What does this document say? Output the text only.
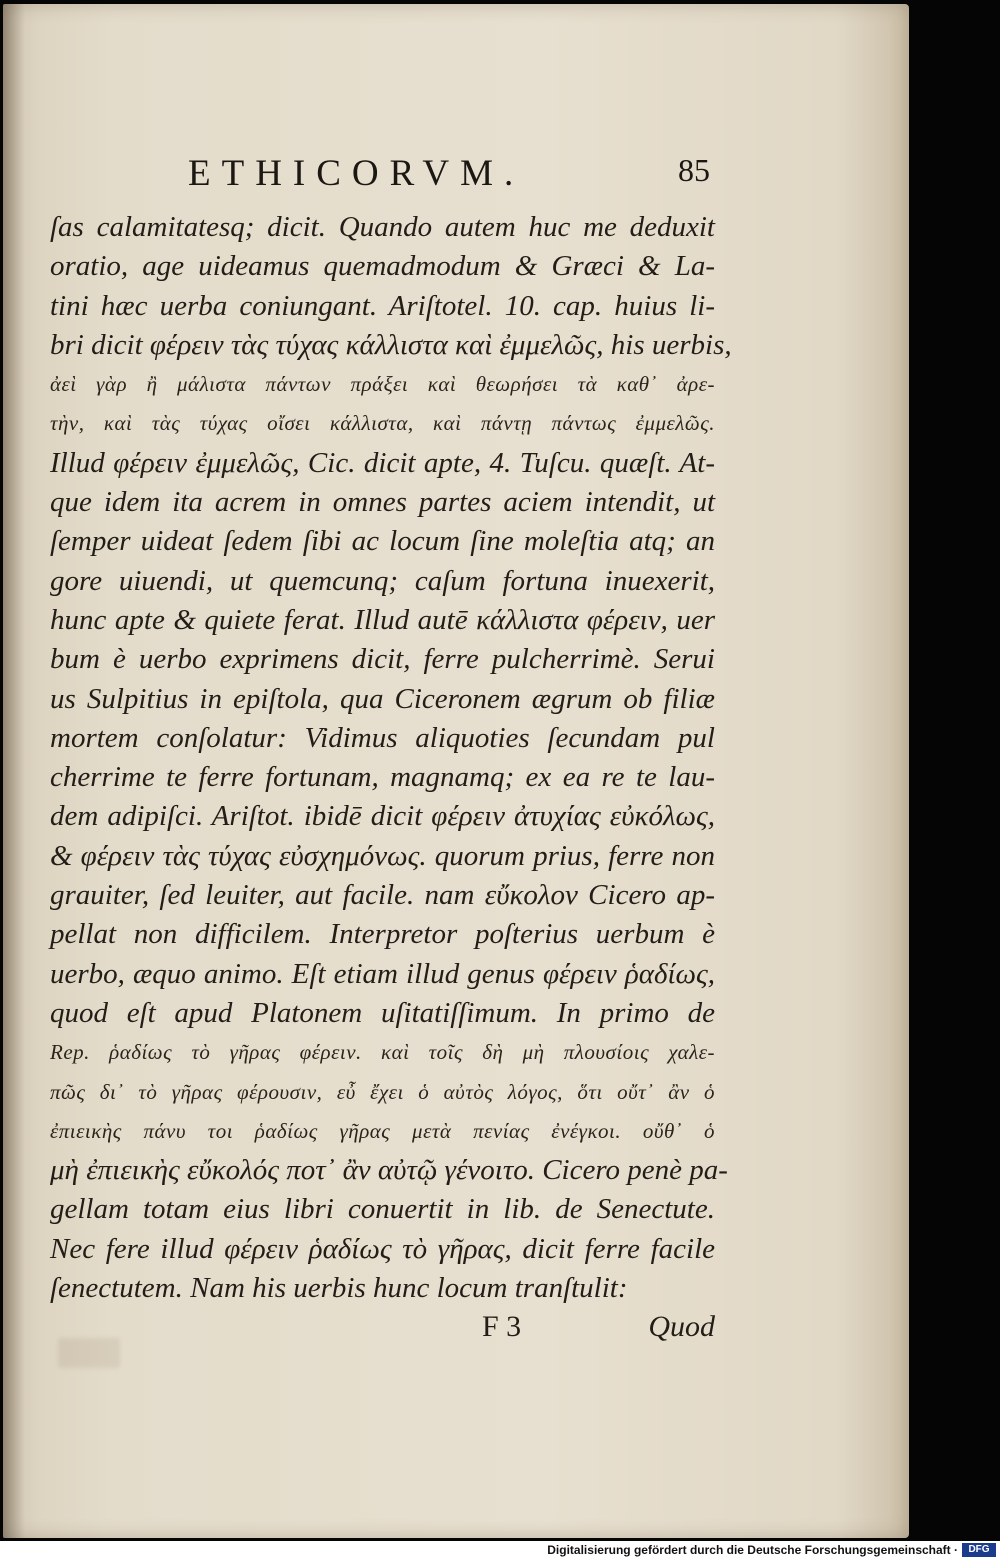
ETHICORVM.	85
ſas calamitatesq; dicit. Quando autem huc me deduxit
oratio, age uideamus quemadmodum & Græci & La-
tini hæc uerba coniungant. Ariſtotel. 10. cap. huius li-
bri dicit φέρειν τὰς τύχας κάλλιστα καὶ ἐμμελῶς, his uerbis,
ἀεὶ γὰρ ἢ μάλιστα πάντων πράξει καὶ θεωρήσει τὰ καθ᾿ ἀρε-
τὴν, καὶ τὰς τύχας οἴσει κάλλιστα, καὶ πάντῃ πάντως ἐμμελῶς.
Illud φέρειν ἐμμελῶς, Cic. dicit apte, 4. Tuſcu. quæſt. At-
que idem ita acrem in omnes partes aciem intendit, ut
ſemper uideat ſedem ſibi ac locum ſine moleſtia atq; an
gore uiuendi, ut quemcunq; caſum fortuna inuexerit,
hunc apte & quiete ferat. Illud autē κάλλιστα φέρειν, uer
bum è uerbo exprimens dicit, ferre pulcherrimè. Serui
us Sulpitius in epiſtola, qua Ciceronem ægrum ob filiæ
mortem conſolatur: Vidimus aliquoties ſecundam pul
cherrime te ferre fortunam, magnamq; ex ea re te lau-
dem adipiſci. Ariſtot. ibidē dicit φέρειν ἀτυχίας εὐκόλως,
& φέρειν τὰς τύχας εὐσχημόνως. quorum prius, ferre non
grauiter, ſed leuiter, aut facile. nam εὔκολον Cicero ap-
pellat non difficilem. Interpretor poſterius uerbum è
uerbo, æquo animo. Eſt etiam illud genus φέρειν ῥαδίως,
quod eſt apud Platonem uſitatiſſimum. In primo de
Rep. ῥαδίως τὸ γῆρας φέρειν. καὶ τοῖς δὴ μὴ πλουσίοις χαλε-
πῶς δι᾿ τὸ γῆρας φέρουσιν, εὖ ἔχει ὁ αὐτὸς λόγος, ὅτι οὔτ᾿ ἂν ὁ
ἐπιεικὴς πάνυ τοι ῥαδίως γῆρας μετὰ πενίας ἐνέγκοι. οὔθ᾿ ὁ
μὴ ἐπιεικὴς εὔκολός ποτ᾿ ἂν αὐτῷ γένοιτο. Cicero penè pa-
gellam totam eius libri conuertit in lib. de Senectute.
Nec fere illud φέρειν ῥαδίως τὸ γῆρας, dicit ferre facile
ſenectutem. Nam his uerbis hunc locum tranſtulit:
F 3	Quod
Digitalisierung gefördert durch die Deutsche Forschungsgemeinschaft ·	DFG
